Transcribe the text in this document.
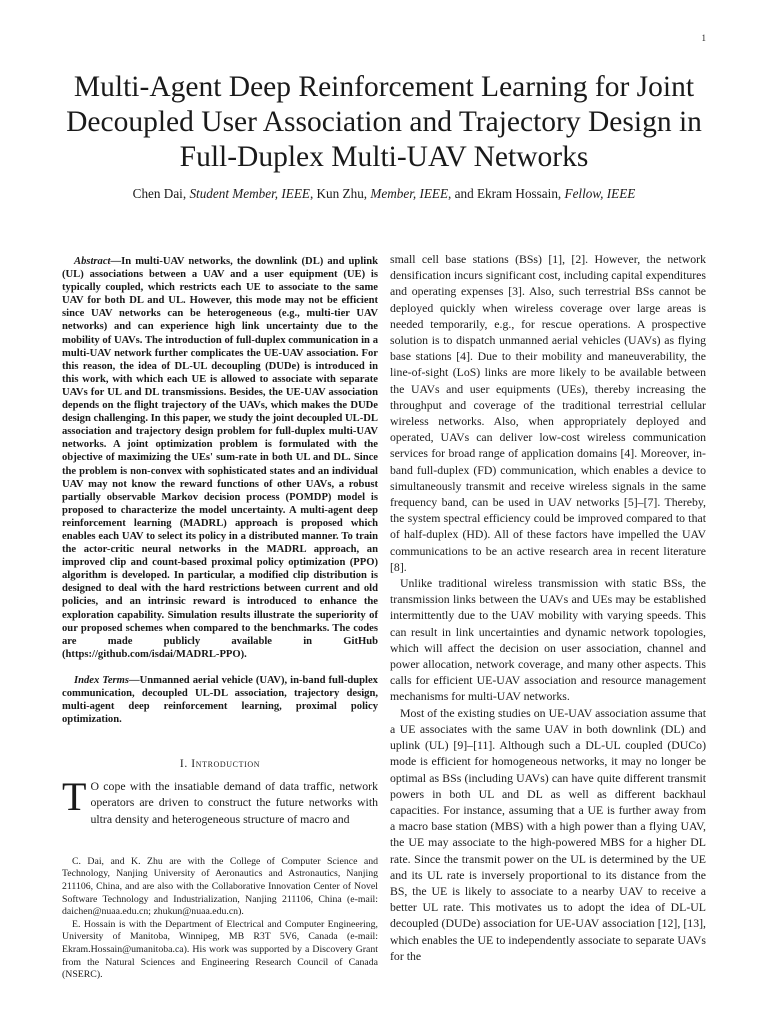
1
Multi-Agent Deep Reinforcement Learning for Joint Decoupled User Association and Trajectory Design in Full-Duplex Multi-UAV Networks
Chen Dai, Student Member, IEEE, Kun Zhu, Member, IEEE, and Ekram Hossain, Fellow, IEEE

Abstract—In multi-UAV networks, the downlink (DL) and uplink (UL) associations between a UAV and a user equipment (UE) is typically coupled, which restricts each UE to associate to the same UAV for both DL and UL. However, this mode may not be efficient since UAV networks can be heterogeneous (e.g., multi-tier UAV networks) and can experience high link uncertainty due to the mobility of UAVs. The introduction of full-duplex communication in a multi-UAV network further complicates the UE-UAV association. For this reason, the idea of DL-UL decoupling (DUDe) is introduced in this work, with which each UE is allowed to associate with separate UAVs for UL and DL transmissions. Besides, the UE-UAV association depends on the flight trajectory of the UAVs, which makes the DUDe design challenging. In this paper, we study the joint decoupled UL-DL association and trajectory design problem for full-duplex multi-UAV networks. A joint optimization problem is formulated with the objective of maximizing the UEs' sum-rate in both UL and DL. Since the problem is non-convex with sophisticated states and an individual UAV may not know the reward functions of other UAVs, a robust partially observable Markov decision process (POMDP) model is proposed to characterize the model uncertainty. A multi-agent deep reinforcement learning (MADRL) approach is proposed which enables each UAV to select its policy in a distributed manner. To train the actor-critic neural networks in the MADRL approach, an improved clip and count-based proximal policy optimization (PPO) algorithm is developed. In particular, a modified clip distribution is designed to deal with the hard restrictions between current and old policies, and an intrinsic reward is introduced to enhance the exploration capability. Simulation results illustrate the superiority of our proposed schemes when compared to the benchmarks. The codes are made publicly available in GitHub (https://github.com/isdai/MADRL-PPO).

Index Terms—Unmanned aerial vehicle (UAV), in-band full-duplex communication, decoupled UL-DL association, trajectory design, multi-agent deep reinforcement learning, proximal policy optimization.

I. Introduction

T O cope with the insatiable demand of data traffic, network operators are driven to construct the future networks with ultra density and heterogeneous structure of macro and

C. Dai, and K. Zhu are with the College of Computer Science and Technology, Nanjing University of Aeronautics and Astronautics, Nanjing 211106, China, and are also with the Collaborative Innovation Center of Novel Software Technology and Industrialization, Nanjing 211106, China (e-mail: daichen@nuaa.edu.cn; zhukun@nuaa.edu.cn).

E. Hossain is with the Department of Electrical and Computer Engineering, University of Manitoba, Winnipeg, MB R3T 5V6, Canada (e-mail: Ekram.Hossain@umanitoba.ca). His work was supported by a Discovery Grant from the Natural Sciences and Engineering Research Council of Canada (NSERC).

small cell base stations (BSs) [1], [2]. However, the network densification incurs significant cost, including capital expenditures and operating expenses [3]. Also, such terrestrial BSs cannot be deployed quickly when wireless coverage over large areas is needed temporarily, e.g., for rescue operations. A prospective solution is to dispatch unmanned aerial vehicles (UAVs) as flying base stations [4]. Due to their mobility and maneuverability, the line-of-sight (LoS) links are more likely to be available between the UAVs and user equipments (UEs), thereby increasing the throughput and coverage of the traditional terrestrial cellular wireless networks. Also, when appropriately deployed and operated, UAVs can deliver low-cost wireless communication services for broad range of application domains [4]. Moreover, in-band full-duplex (FD) communication, which enables a device to simultaneously transmit and receive wireless signals in the same frequency band, can be used in UAV networks [5]–[7]. Thereby, the system spectral efficiency could be improved compared to that of half-duplex (HD). All of these factors have impelled the UAV communications to be an active research area in recent literature [8].

Unlike traditional wireless transmission with static BSs, the transmission links between the UAVs and UEs may be established intermittently due to the UAV mobility with varying speeds. This can result in link uncertainties and dynamic network topologies, which will affect the decision on user association, channel and power allocation, network coverage, and many other aspects. This calls for efficient UE-UAV association and resource management mechanisms for multi-UAV networks.

Most of the existing studies on UE-UAV association assume that a UE associates with the same UAV in both downlink (DL) and uplink (UL) [9]–[11]. Although such a DL-UL coupled (DUCo) mode is efficient for homogeneous networks, it may no longer be optimal as BSs (including UAVs) can have quite different transmit powers in both UL and DL as well as different backhaul capacities. For instance, assuming that a UE is further away from a macro base station (MBS) with a high power than a flying UAV, the UE may associate to the high-powered MBS for a higher DL rate. Since the transmit power on the UL is determined by the UE and its UL rate is inversely proportional to its distance from the BS, the UE is likely to associate to a nearby UAV to receive a better UL rate. This motivates us to adopt the idea of DL-UL decoupled (DUDe) association for UE-UAV association [12], [13], which enables the UE to independently associate to separate UAVs for the
